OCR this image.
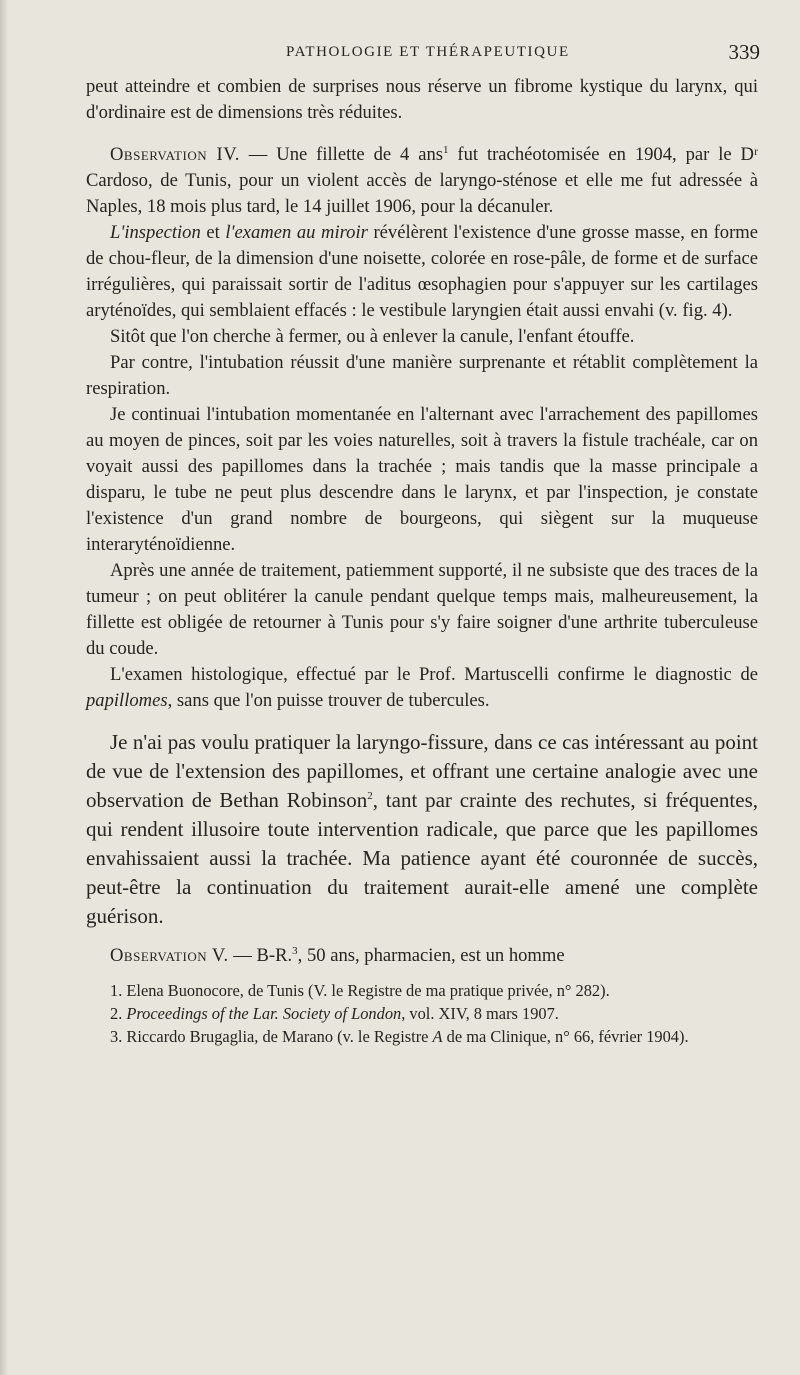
PATHOLOGIE ET THÉRAPEUTIQUE	339

peut atteindre et combien de surprises nous réserve un fibrome kystique du larynx, qui d'ordinaire est de dimensions très réduites.

Observation IV. — Une fillette de 4 ans$^1$ fut trachéotomisée en 1904, par le Dʳ Cardoso, de Tunis, pour un violent accès de laryngo-sténose et elle me fut adressée à Naples, 18 mois plus tard, le 14 juillet 1906, pour la décanuler.

L'inspection et l'examen au miroir révélèrent l'existence d'une grosse masse, en forme de chou-fleur, de la dimension d'une noisette, colorée en rose-pâle, de forme et de surface irrégulières, qui paraissait sortir de l'aditus œsophagien pour s'appuyer sur les cartilages aryténoïdes, qui semblaient effacés : le vestibule laryngien était aussi envahi (v. fig. 4).

Sitôt que l'on cherche à fermer, ou à enlever la canule, l'enfant étouffe.

Par contre, l'intubation réussit d'une manière surprenante et rétablit complètement la respiration.

Je continuai l'intubation momentanée en l'alternant avec l'arrachement des papillomes au moyen de pinces, soit par les voies naturelles, soit à travers la fistule trachéale, car on voyait aussi des papillomes dans la trachée ; mais tandis que la masse principale a disparu, le tube ne peut plus descendre dans le larynx, et par l'inspection, je constate l'existence d'un grand nombre de bourgeons, qui siègent sur la muqueuse interaryténoïdienne.

Après une année de traitement, patiemment supporté, il ne subsiste que des traces de la tumeur ; on peut oblitérer la canule pendant quelque temps mais, malheureusement, la fillette est obligée de retourner à Tunis pour s'y faire soigner d'une arthrite tuberculeuse du coude.

L'examen histologique, effectué par le Prof. Martuscelli confirme le diagnostic de papillomes, sans que l'on puisse trouver de tubercules.

Je n'ai pas voulu pratiquer la laryngo-fissure, dans ce cas intéressant au point de vue de l'extension des papillomes, et offrant une certaine analogie avec une observation de Bethan Robinson$^2$, tant par crainte des rechutes, si fréquentes, qui rendent illusoire toute intervention radicale, que parce que les papillomes envahissaient aussi la trachée. Ma patience ayant été couronnée de succès, peut-être la continuation du traitement aurait-elle amené une complète guérison.

Observation V. — B-R.$^3$, 50 ans, pharmacien, est un homme

1. Elena Buonocore, de Tunis (V. le Registre de ma pratique privée, n° 282).

2. Proceedings of the Lar. Society of London, vol. XIV, 8 mars 1907.

3. Riccardo Brugaglia, de Marano (v. le Registre A de ma Clinique, n° 66, février 1904).
